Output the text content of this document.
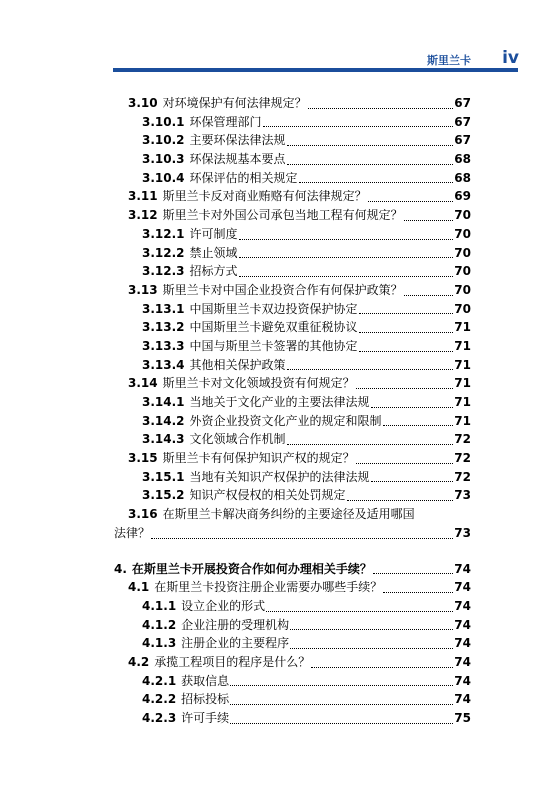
斯里兰卡 iv
3.10 对环境保护有何法律规定？	67
3.10.1 环保管理部门	67
3.10.2 主要环保法律法规	67
3.10.3 环保法规基本要点	68
3.10.4 环保评估的相关规定	68
3.11 斯里兰卡反对商业贿赂有何法律规定？	69
3.12 斯里兰卡对外国公司承包当地工程有何规定？	70
3.12.1 许可制度	70
3.12.2 禁止领域	70
3.12.3 招标方式	70
3.13 斯里兰卡对中国企业投资合作有何保护政策？	70
3.13.1 中国斯里兰卡双边投资保护协定	70
3.13.2 中国斯里兰卡避免双重征税协议	71
3.13.3 中国与斯里兰卡签署的其他协定	71
3.13.4 其他相关保护政策	71
3.14 斯里兰卡对文化领域投资有何规定？	71
3.14.1 当地关于文化产业的主要法律法规	71
3.14.2 外资企业投资文化产业的规定和限制	71
3.14.3 文化领域合作机制	72
3.15 斯里兰卡有何保护知识产权的规定？	72
3.15.1 当地有关知识产权保护的法律法规	72
3.15.2 知识产权侵权的相关处罚规定	73
3.16 在斯里兰卡解决商务纠纷的主要途径及适用哪国
法律？	73
4. 在斯里兰卡开展投资合作如何办理相关手续？	74
4.1 在斯里兰卡投资注册企业需要办哪些手续？	74
4.1.1 设立企业的形式	74
4.1.2 企业注册的受理机构	74
4.1.3 注册企业的主要程序	74
4.2 承揽工程项目的程序是什么？	74
4.2.1 获取信息	74
4.2.2 招标投标	74
4.2.3 许可手续	75
